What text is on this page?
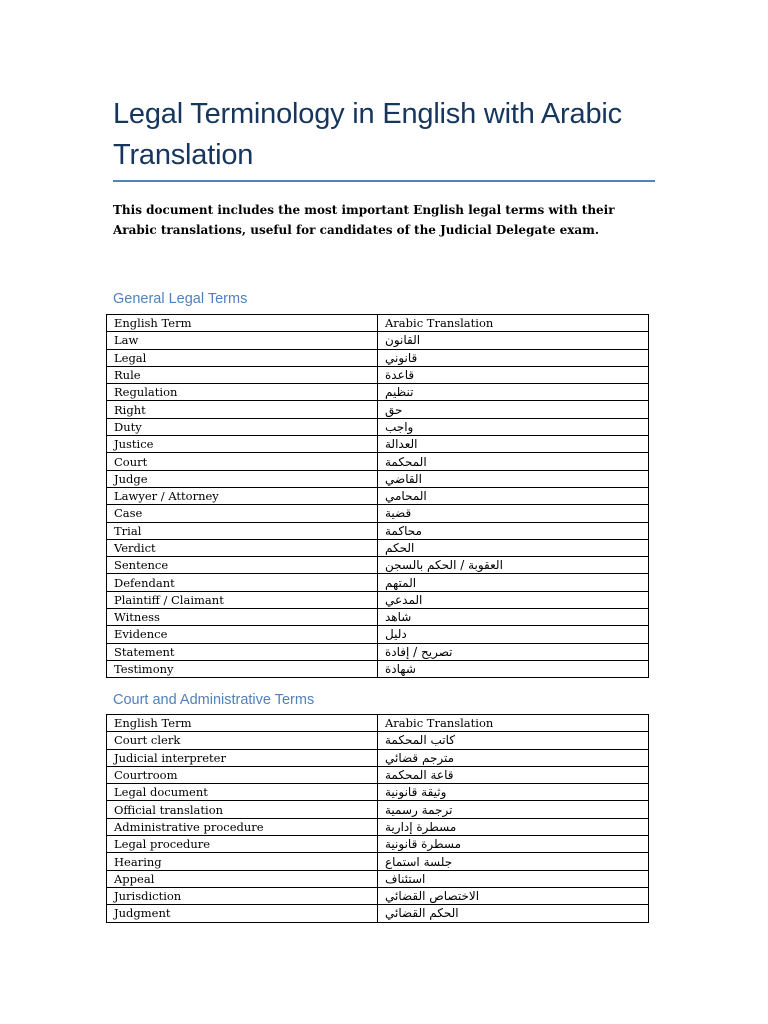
Legal Terminology in English with Arabic Translation

This document includes the most important English legal terms with their Arabic translations, useful for candidates of the Judicial Delegate exam.

General Legal Terms
English Term	Arabic Translation
Law	القانون
Legal	قانوني
Rule	قاعدة
Regulation	تنظيم
Right	حق
Duty	واجب
Justice	العدالة
Court	المحكمة
Judge	القاضي
Lawyer / Attorney	المحامي
Case	قضية
Trial	محاكمة
Verdict	الحكم
Sentence	العقوبة / الحكم بالسجن
Defendant	المتهم
Plaintiff / Claimant	المدعي
Witness	شاهد
Evidence	دليل
Statement	تصريح / إفادة
Testimony	شهادة
Court and Administrative Terms
English Term	Arabic Translation
Court clerk	كاتب المحكمة
Judicial interpreter	مترجم قضائي
Courtroom	قاعة المحكمة
Legal document	وثيقة قانونية
Official translation	ترجمة رسمية
Administrative procedure	مسطرة إدارية
Legal procedure	مسطرة قانونية
Hearing	جلسة استماع
Appeal	استئناف
Jurisdiction	الاختصاص القضائي
Judgment	الحكم القضائي
